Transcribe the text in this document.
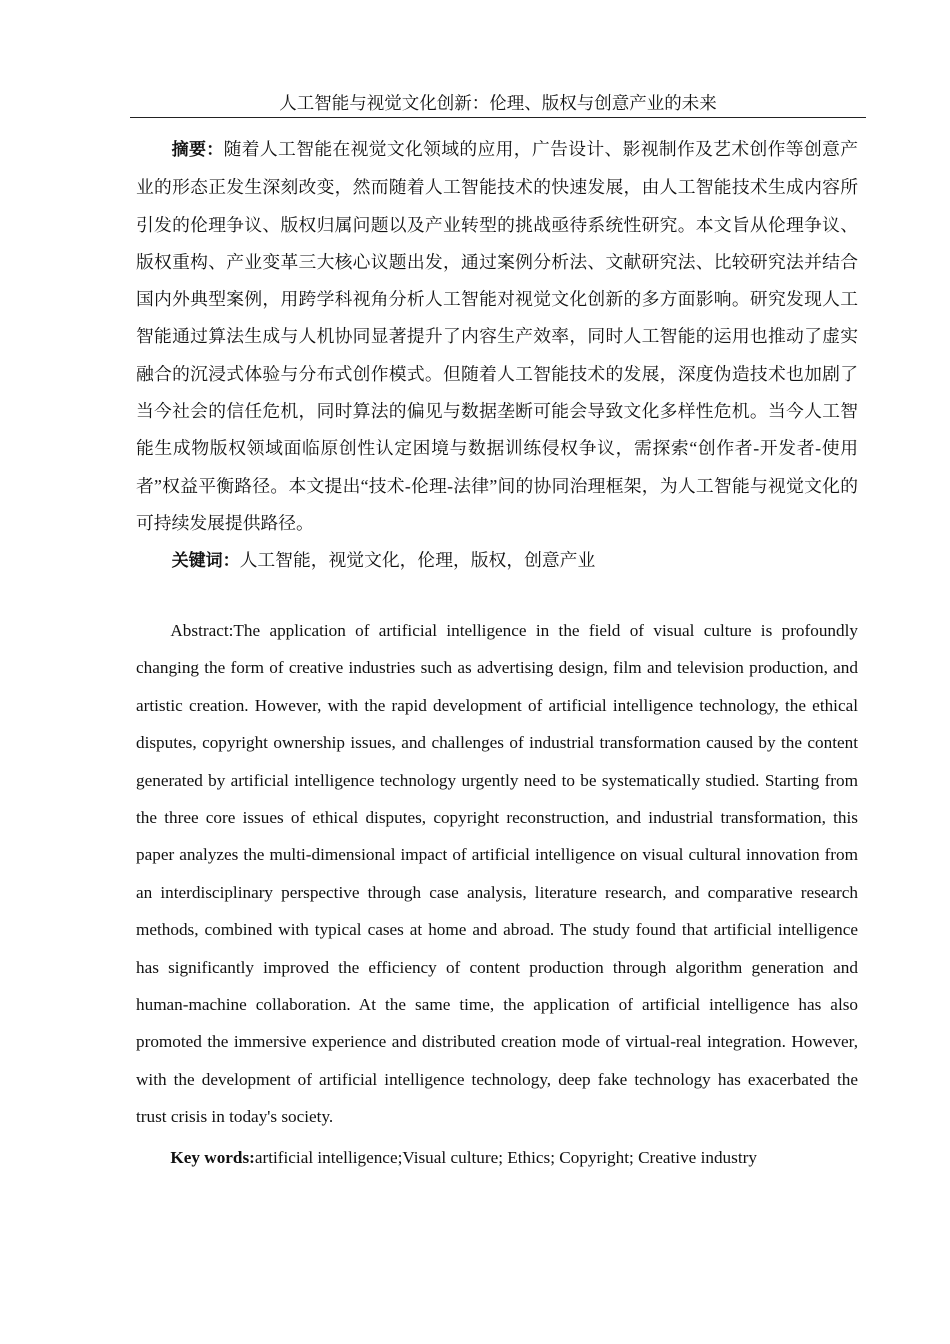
人工智能与视觉文化创新：伦理、版权与创意产业的未来

摘要：随着人工智能在视觉文化领域的应用，广告设计、影视制作及艺术创作等创意产业的形态正发生深刻改变，然而随着人工智能技术的快速发展，由人工智能技术生成内容所引发的伦理争议、版权归属问题以及产业转型的挑战亟待系统性研究。本文旨从伦理争议、版权重构、产业变革三大核心议题出发，通过案例分析法、文献研究法、比较研究法并结合国内外典型案例，用跨学科视角分析人工智能对视觉文化创新的多方面影响。研究发现人工智能通过算法生成与人机协同显著提升了内容生产效率，同时人工智能的运用也推动了虚实融合的沉浸式体验与分布式创作模式。但随着人工智能技术的发展，深度伪造技术也加剧了当今社会的信任危机，同时算法的偏见与数据垄断可能会导致文化多样性危机。当今人工智能生成物版权领域面临原创性认定困境与数据训练侵权争议，需探索“创作者-开发者-使用者”权益平衡路径。本文提出“技术-伦理-法律”间的协同治理框架，为人工智能与视觉文化的可持续发展提供路径。

关键词：人工智能，视觉文化，伦理，版权，创意产业

Abstract:The application of artificial intelligence in the field of visual culture is profoundly changing the form of creative industries such as advertising design, film and television production, and artistic creation. However, with the rapid development of artificial intelligence technology, the ethical disputes, copyright ownership issues, and challenges of industrial transformation caused by the content generated by artificial intelligence technology urgently need to be systematically studied. Starting from the three core issues of ethical disputes, copyright reconstruction, and industrial transformation, this paper analyzes the multi-dimensional impact of artificial intelligence on visual cultural innovation from an interdisciplinary perspective through case analysis, literature research, and comparative research methods, combined with typical cases at home and abroad. The study found that artificial intelligence has significantly improved the efficiency of content production through algorithm generation and human-machine collaboration. At the same time, the application of artificial intelligence has also promoted the immersive experience and distributed creation mode of virtual-real integration. However, with the development of artificial intelligence technology, deep fake technology has exacerbated the trust crisis in today's society.

Key words:artificial intelligence;Visual culture; Ethics; Copyright; Creative industry
